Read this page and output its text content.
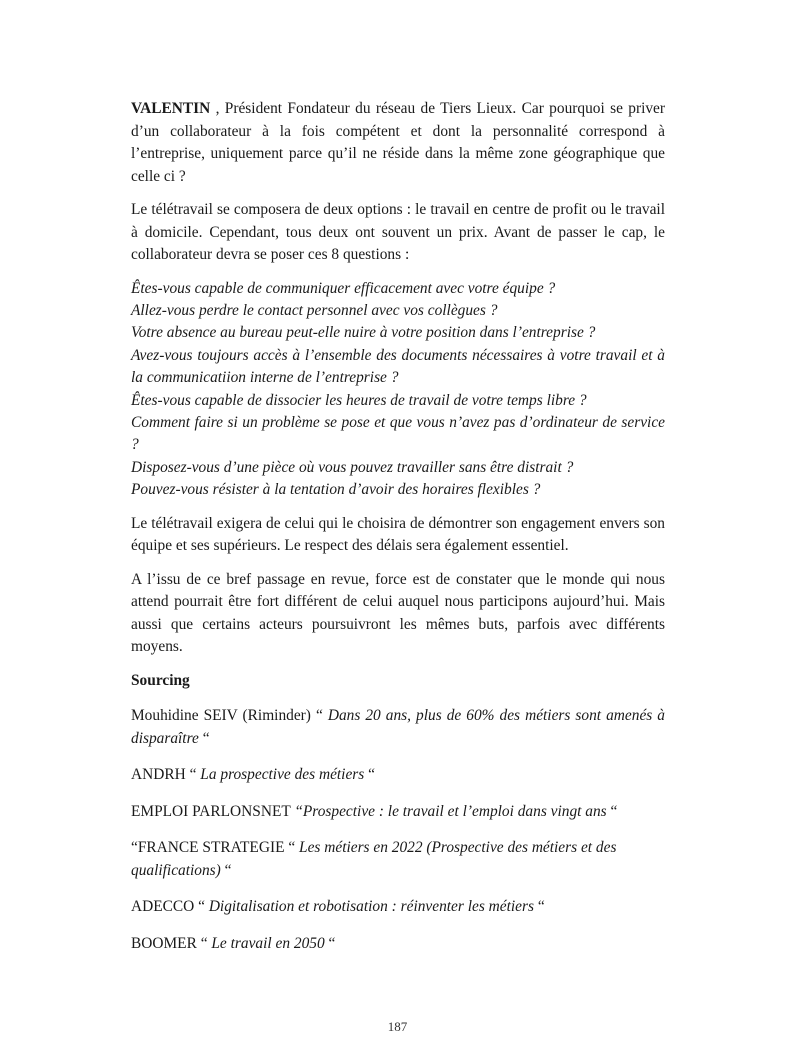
VALENTIN , Président Fondateur du réseau de Tiers Lieux. Car pourquoi se priver d’un collaborateur à la fois compétent et dont la personnalité correspond à l’entreprise, uniquement parce qu’il ne réside dans la même zone géographique que celle ci ?

Le télétravail se composera de deux options : le travail en centre de profit ou le travail à domicile. Cependant, tous deux ont souvent un prix. Avant de passer le cap, le collaborateur devra se poser ces 8 questions :

Êtes-vous capable de communiquer efficacement avec votre équipe ?

Allez-vous perdre le contact personnel avec vos collègues ?

Votre absence au bureau peut-elle nuire à votre position dans l’entreprise ?

Avez-vous toujours accès à l’ensemble des documents nécessaires à votre travail et à la communicatiion interne de l’entreprise ?

Êtes-vous capable de dissocier les heures de travail de votre temps libre ?

Comment faire si un problème se pose et que vous n’avez pas d’ordinateur de service ?

Disposez-vous d’une pièce où vous pouvez travailler sans être distrait ?

Pouvez-vous résister à la tentation d’avoir des horaires flexibles ?

Le télétravail exigera de celui qui le choisira de démontrer son engagement envers son équipe et ses supérieurs. Le respect des délais sera également essentiel.

A l’issu de ce bref passage en revue, force est de constater que le monde qui nous attend pourrait être fort différent de celui auquel nous participons aujourd’hui. Mais aussi que certains acteurs poursuivront les mêmes buts, parfois avec différents moyens.

Sourcing

Mouhidine SEIV (Riminder) “ Dans 20 ans, plus de 60% des métiers sont amenés à disparaître “

ANDRH “ La prospective des métiers “

EMPLOI PARLONSNET “Prospective : le travail et l’emploi dans vingt ans “

“FRANCE STRATEGIE “ Les métiers en 2022 (Prospective des métiers et des qualifications) “

ADECCO “ Digitalisation et robotisation : réinventer les métiers “

BOOMER “ Le travail en 2050 “

187
